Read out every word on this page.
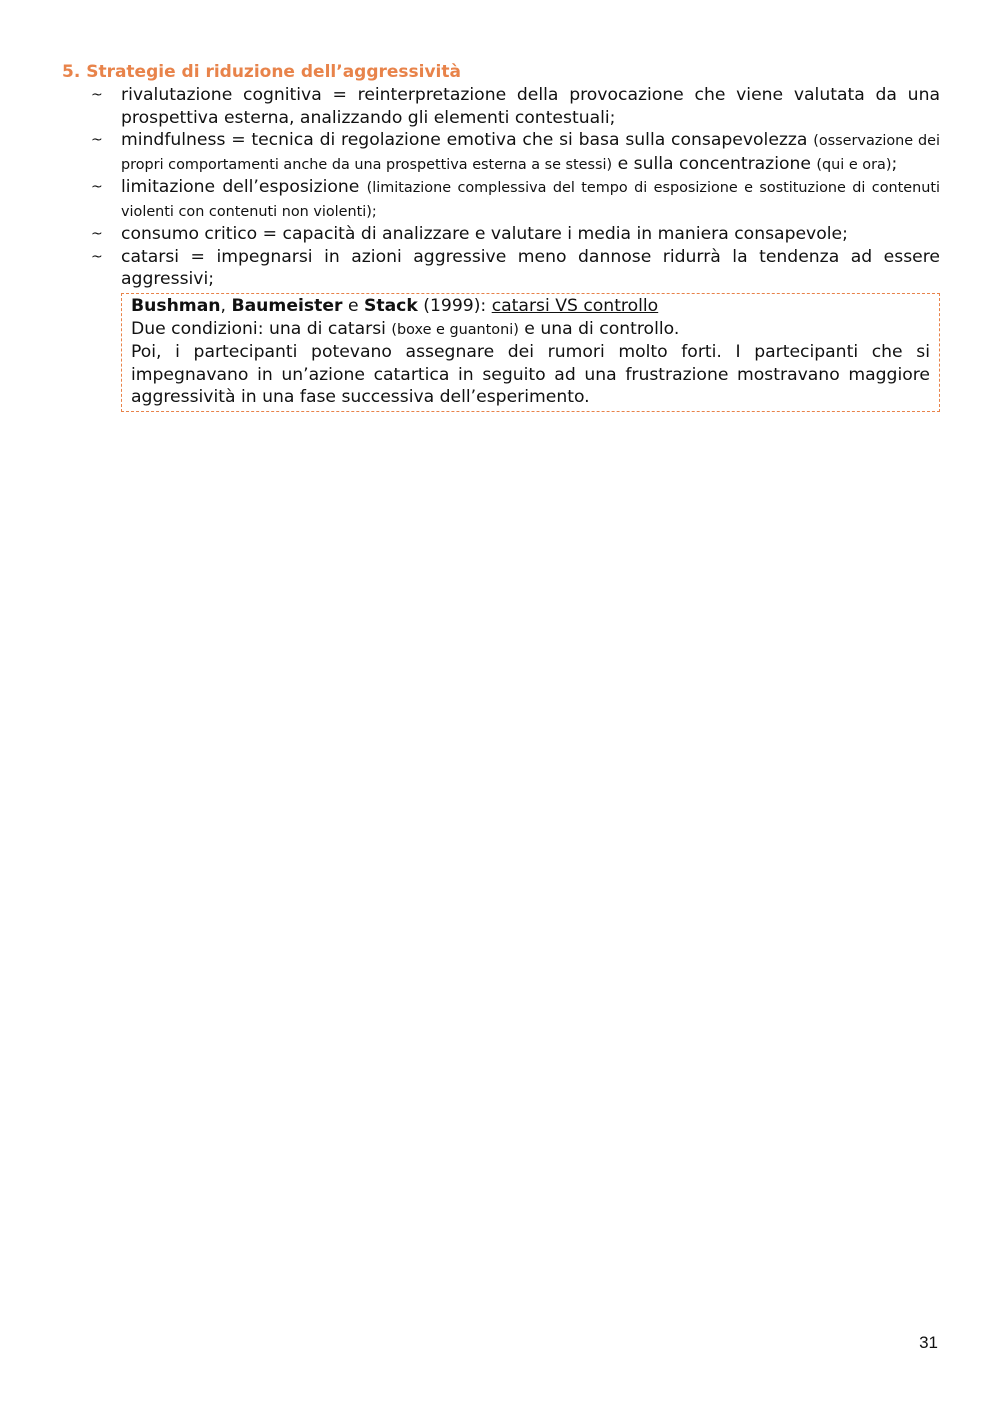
5. Strategie di riduzione dell’aggressività
~ rivalutazione cognitiva = reinterpretazione della provocazione che viene valutata da una prospettiva esterna, analizzando gli elementi contestuali;
~ mindfulness = tecnica di regolazione emotiva che si basa sulla consapevolezza (osservazione dei propri comportamenti anche da una prospettiva esterna a se stessi) e sulla concentrazione (qui e ora);
~ limitazione dell’esposizione (limitazione complessiva del tempo di esposizione e sostituzione di contenuti violenti con contenuti non violenti);
~ consumo critico = capacità di analizzare e valutare i media in maniera consapevole;
~ catarsi = impegnarsi in azioni aggressive meno dannose ridurrà la tendenza ad essere aggressivi;

Bushman, Baumeister e Stack (1999): catarsi VS controllo

Due condizioni: una di catarsi (boxe e guantoni) e una di controllo.

Poi, i partecipanti potevano assegnare dei rumori molto forti. I partecipanti che si impegnavano in un’azione catartica in seguito ad una frustrazione mostravano maggiore aggressività in una fase successiva dell’esperimento.

31
